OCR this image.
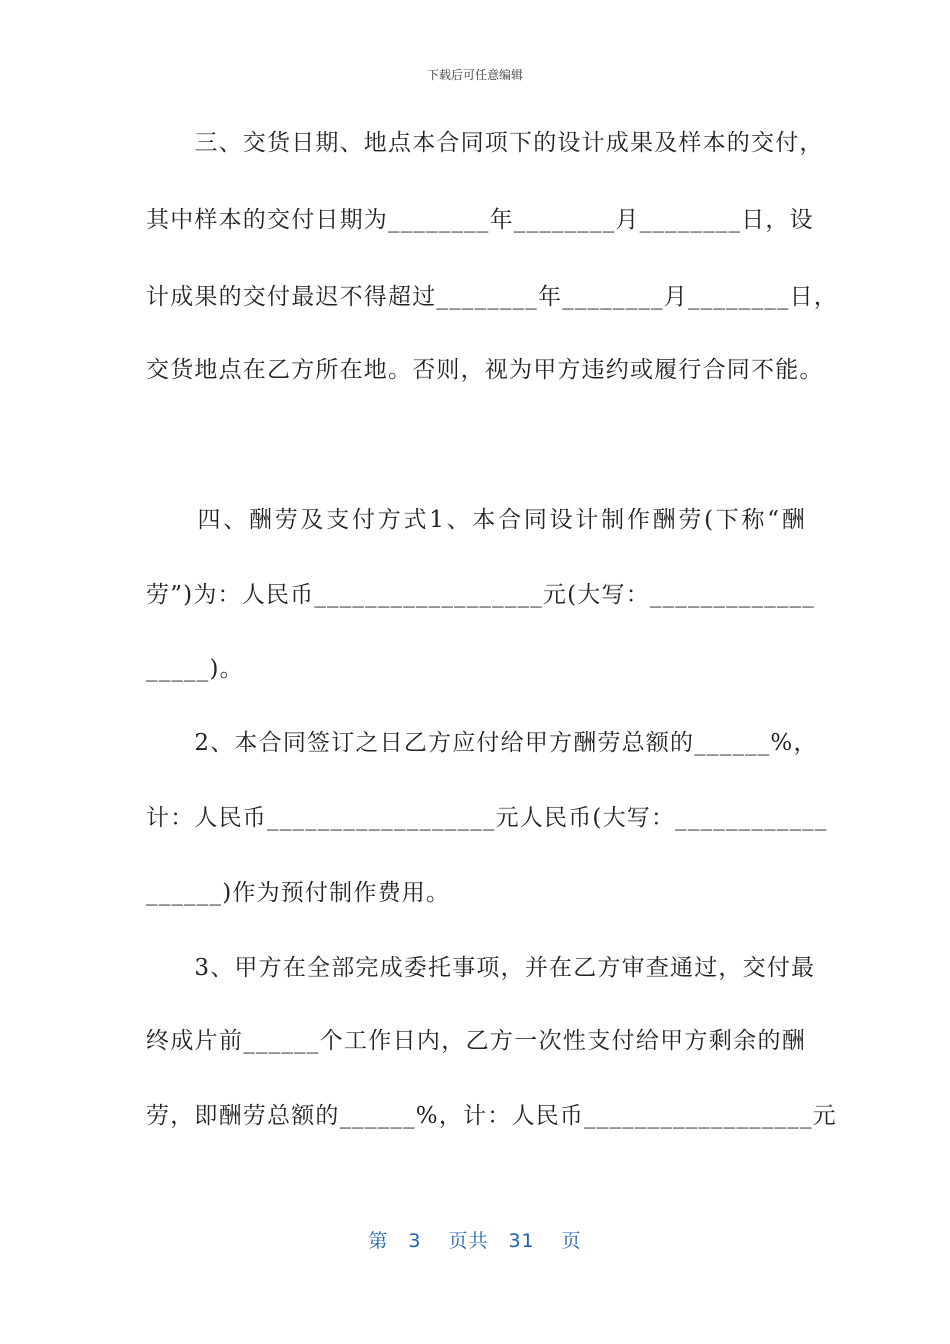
下载后可任意编辑
　　三、交货日期、地点本合同项下的设计成果及样本的交付，
其中样本的交付日期为________年________月________日，设
计成果的交付最迟不得超过________年________月________日，
交货地点在乙方所在地。否则，视为甲方违约或履行合同不能。
　　四、酬劳及支付方式1、本合同设计制作酬劳(下称“酬
劳”)为：人民币__________________元(大写：_____________
_____)。
　　2、本合同签订之日乙方应付给甲方酬劳总额的______%，
计：人民币__________________元人民币(大写：____________
______)作为预付制作费用。
　　3、甲方在全部完成委托事项，并在乙方审查通过，交付最
终成片前______个工作日内，乙方一次性支付给甲方剩余的酬
劳，即酬劳总额的______%，计：人民币__________________元
第　3　 页共　31　 页
